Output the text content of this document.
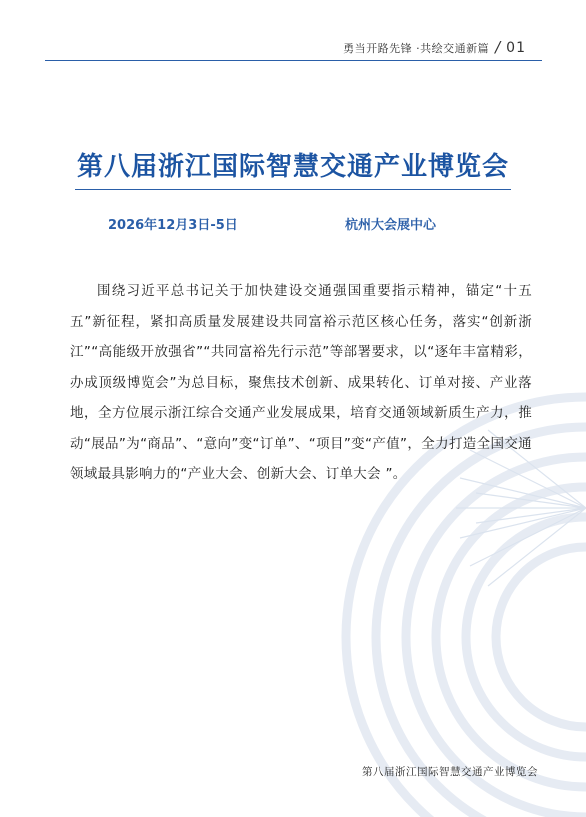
勇当开路先锋 ·共绘交通新篇 / 01
第八届浙江国际智慧交通产业博览会
2026年12月3日-5日	杭州大会展中心

围绕习近平总书记关于加快建设交通强国重要指示精神，锚定“十五五”新征程，紧扣高质量发展建设共同富裕示范区核心任务，落实“创新浙江”“高能级开放强省”“共同富裕先行示范”等部署要求，以“逐年丰富精彩，办成顶级博览会”为总目标，聚焦技术创新、成果转化、订单对接、产业落地，全方位展示浙江综合交通产业发展成果，培育交通领域新质生产力，推动“展品”为“商品”、“意向”变“订单”、“项目”变“产值”，全力打造全国交通领域最具影响力的“产业大会、创新大会、订单大会 ”。

第八届浙江国际智慧交通产业博览会
